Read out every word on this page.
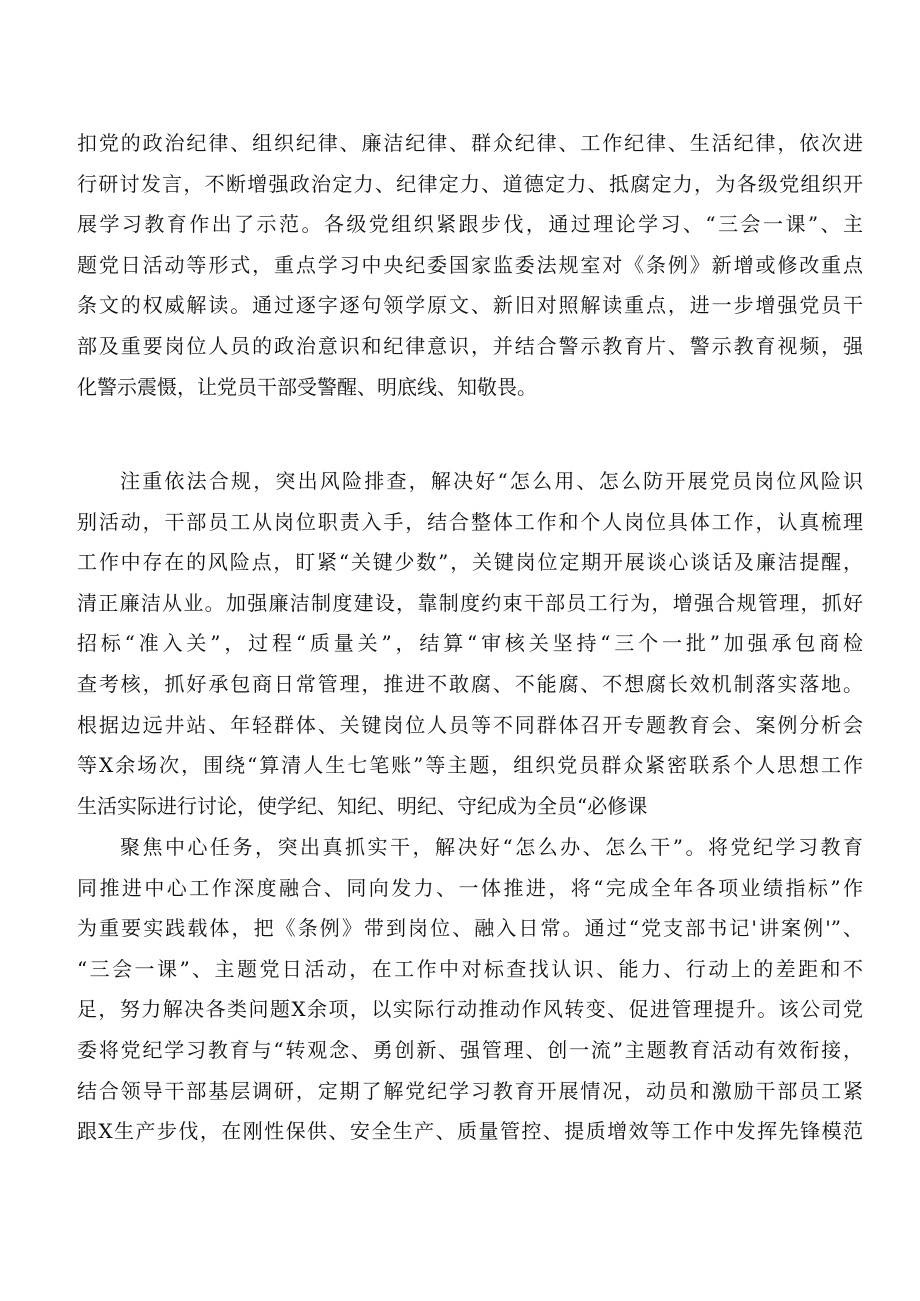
扣党的政治纪律、组织纪律、廉洁纪律、群众纪律、工作纪律、生活纪律，依次进
行研讨发言，不断增强政治定力、纪律定力、道德定力、抵腐定力，为各级党组织开
展学习教育作出了示范。各级党组织紧跟步伐，通过理论学习、“三会一课”、主
题党日活动等形式，重点学习中央纪委国家监委法规室对《条例》新增或修改重点
条文的权威解读。通过逐字逐句领学原文、新旧对照解读重点，进一步增强党员干
部及重要岗位人员的政治意识和纪律意识，并结合警示教育片、警示教育视频，强
化警示震慑，让党员干部受警醒、明底线、知敬畏。
注重依法合规，突出风险排查，解决好“怎么用、怎么防开展党员岗位风险识
别活动，干部员工从岗位职责入手，结合整体工作和个人岗位具体工作，认真梳理
工作中存在的风险点，盯紧“关键少数”，关键岗位定期开展谈心谈话及廉洁提醒，
清正廉洁从业。加强廉洁制度建设，靠制度约束干部员工行为，增强合规管理，抓好
招标“准入关”，过程“质量关”，结算“审核关坚持“三个一批”加强承包商检
查考核，抓好承包商日常管理，推进不敢腐、不能腐、不想腐长效机制落实落地。
根据边远井站、年轻群体、关键岗位人员等不同群体召开专题教育会、案例分析会
等X余场次，围绕“算清人生七笔账”等主题，组织党员群众紧密联系个人思想工作
生活实际进行讨论，使学纪、知纪、明纪、守纪成为全员“必修课
聚焦中心任务，突出真抓实干，解决好“怎么办、怎么干”。将党纪学习教育
同推进中心工作深度融合、同向发力、一体推进，将“完成全年各项业绩指标”作
为重要实践载体，把《条例》带到岗位、融入日常。通过“党支部书记'讲案例'”、
“三会一课”、主题党日活动，在工作中对标查找认识、能力、行动上的差距和不
足，努力解决各类问题X余项，以实际行动推动作风转变、促进管理提升。该公司党
委将党纪学习教育与“转观念、勇创新、强管理、创一流”主题教育活动有效衔接，
结合领导干部基层调研，定期了解党纪学习教育开展情况，动员和激励干部员工紧
跟X生产步伐，在刚性保供、安全生产、质量管控、提质增效等工作中发挥先锋模范
